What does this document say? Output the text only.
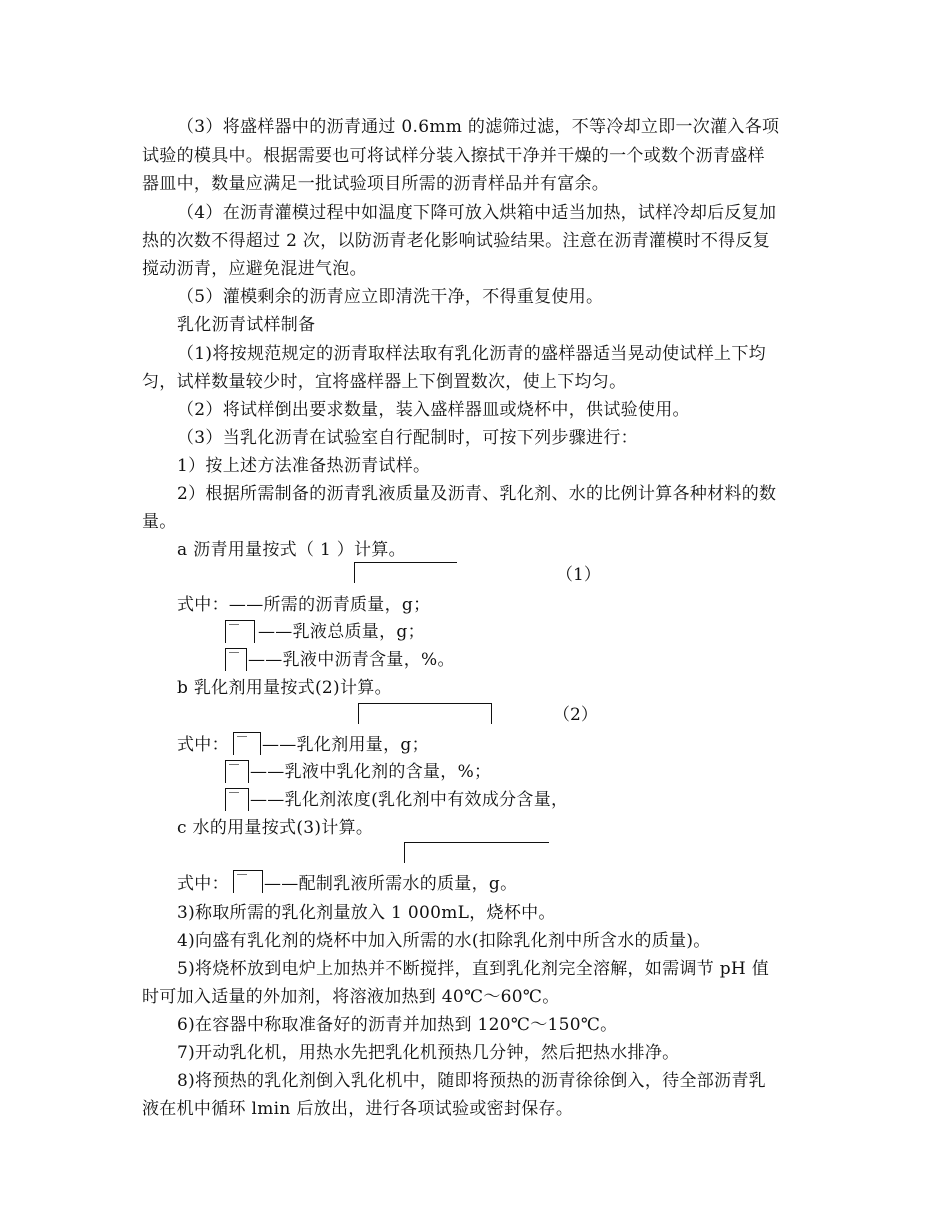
（3）将盛样器中的沥青通过 0.6mm 的滤筛过滤，不等冷却立即一次灌入各项
试验的模具中。根据需要也可将试样分装入擦拭干净并干燥的一个或数个沥青盛样
器皿中，数量应满足一批试验项目所需的沥青样品并有富余。
（4）在沥青灌模过程中如温度下降可放入烘箱中适当加热，试样冷却后反复加
热的次数不得超过 2 次，以防沥青老化影响试验结果。注意在沥青灌模时不得反复
搅动沥青，应避免混进气泡。
（5）灌模剩余的沥青应立即清洗干净，不得重复使用。
乳化沥青试样制备
（1)将按规范规定的沥青取样法取有乳化沥青的盛样器适当晃动使试样上下均
匀，试样数量较少时，宜将盛样器上下倒置数次，使上下均匀。
（2）将试样倒出要求数量，装入盛样器皿或烧杯中，供试验使用。
（3）当乳化沥青在试验室自行配制时，可按下列步骤进行：
1）按上述方法准备热沥青试样。
2）根据所需制备的沥青乳液质量及沥青、乳化剂、水的比例计算各种材料的数
量。
a 沥青用量按式（ 1 ）计算。
（1）
式中：——所需的沥青质量，g；
——乳液总质量，g；
——乳液中沥青含量，%。
b 乳化剂用量按式(2)计算。
（2）
式中： ——乳化剂用量，g；
——乳液中乳化剂的含量，%；
——乳化剂浓度(乳化剂中有效成分含量，
c 水的用量按式(3)计算。
式中： ——配制乳液所需水的质量，g。
3)称取所需的乳化剂量放入 1 000mL，烧杯中。
4)向盛有乳化剂的烧杯中加入所需的水(扣除乳化剂中所含水的质量)。
5)将烧杯放到电炉上加热并不断搅拌，直到乳化剂完全溶解，如需调节 pH 值
时可加入适量的外加剂，将溶液加热到 40℃～60℃。
6)在容器中称取准备好的沥青并加热到 120℃～150℃。
7)开动乳化机，用热水先把乳化机预热几分钟，然后把热水排净。
8)将预热的乳化剂倒入乳化机中，随即将预热的沥青徐徐倒入，待全部沥青乳
液在机中循环 lmin 后放出，进行各项试验或密封保存。
